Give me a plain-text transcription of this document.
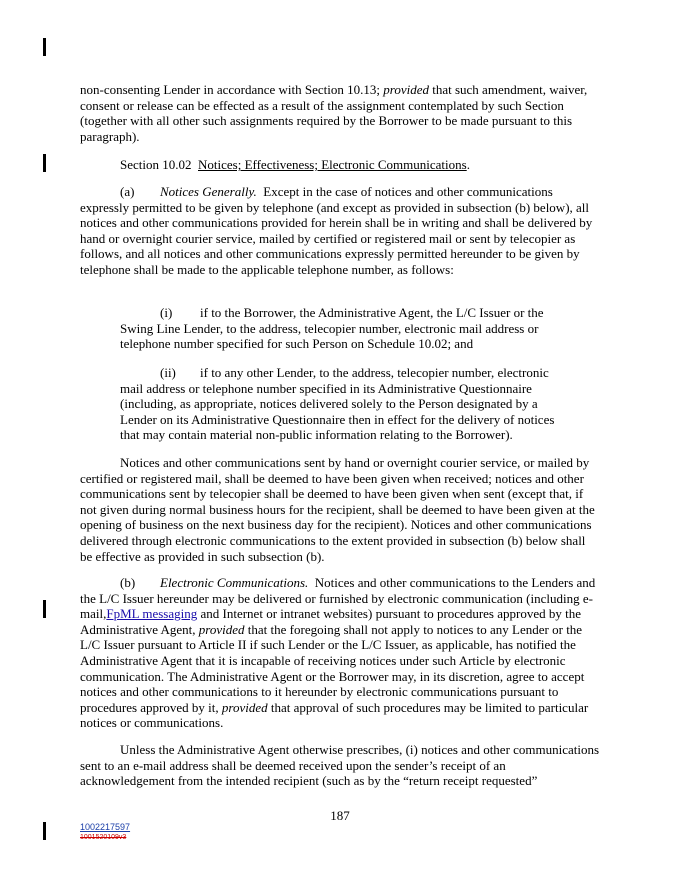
non-consenting Lender in accordance with Section 10.13; provided that such amendment, waiver, consent or release can be effected as a result of the assignment contemplated by such Section (together with all other such assignments required by the Borrower to be made pursuant to this paragraph).

Section 10.02 Notices; Effectiveness; Electronic Communications.

(a) Notices Generally. Except in the case of notices and other communications expressly permitted to be given by telephone (and except as provided in subsection (b) below), all notices and other communications provided for herein shall be in writing and shall be delivered by hand or overnight courier service, mailed by certified or registered mail or sent by telecopier as follows, and all notices and other communications expressly permitted hereunder to be given by telephone shall be made to the applicable telephone number, as follows:

(i) if to the Borrower, the Administrative Agent, the L/C Issuer or the Swing Line Lender, to the address, telecopier number, electronic mail address or telephone number specified for such Person on Schedule 10.02; and

(ii) if to any other Lender, to the address, telecopier number, electronic mail address or telephone number specified in its Administrative Questionnaire (including, as appropriate, notices delivered solely to the Person designated by a Lender on its Administrative Questionnaire then in effect for the delivery of notices that may contain material non-public information relating to the Borrower).

Notices and other communications sent by hand or overnight courier service, or mailed by certified or registered mail, shall be deemed to have been given when received; notices and other communications sent by telecopier shall be deemed to have been given when sent (except that, if not given during normal business hours for the recipient, shall be deemed to have been given at the opening of business on the next business day for the recipient). Notices and other communications delivered through electronic communications to the extent provided in subsection (b) below shall be effective as provided in such subsection (b).

(b) Electronic Communications. Notices and other communications to the Lenders and the L/C Issuer hereunder may be delivered or furnished by electronic communication (including e-mail,FpML messaging and Internet or intranet websites) pursuant to procedures approved by the Administrative Agent, provided that the foregoing shall not apply to notices to any Lender or the L/C Issuer pursuant to Article II if such Lender or the L/C Issuer, as applicable, has notified the Administrative Agent that it is incapable of receiving notices under such Article by electronic communication. The Administrative Agent or the Borrower may, in its discretion, agree to accept notices and other communications to it hereunder by electronic communications pursuant to procedures approved by it, provided that approval of such procedures may be limited to particular notices or communications.

Unless the Administrative Agent otherwise prescribes, (i) notices and other communications sent to an e-mail address shall be deemed received upon the sender’s receipt of an acknowledgement from the intended recipient (such as by the “return receipt requested”

187
1002217597
1001520109v3
